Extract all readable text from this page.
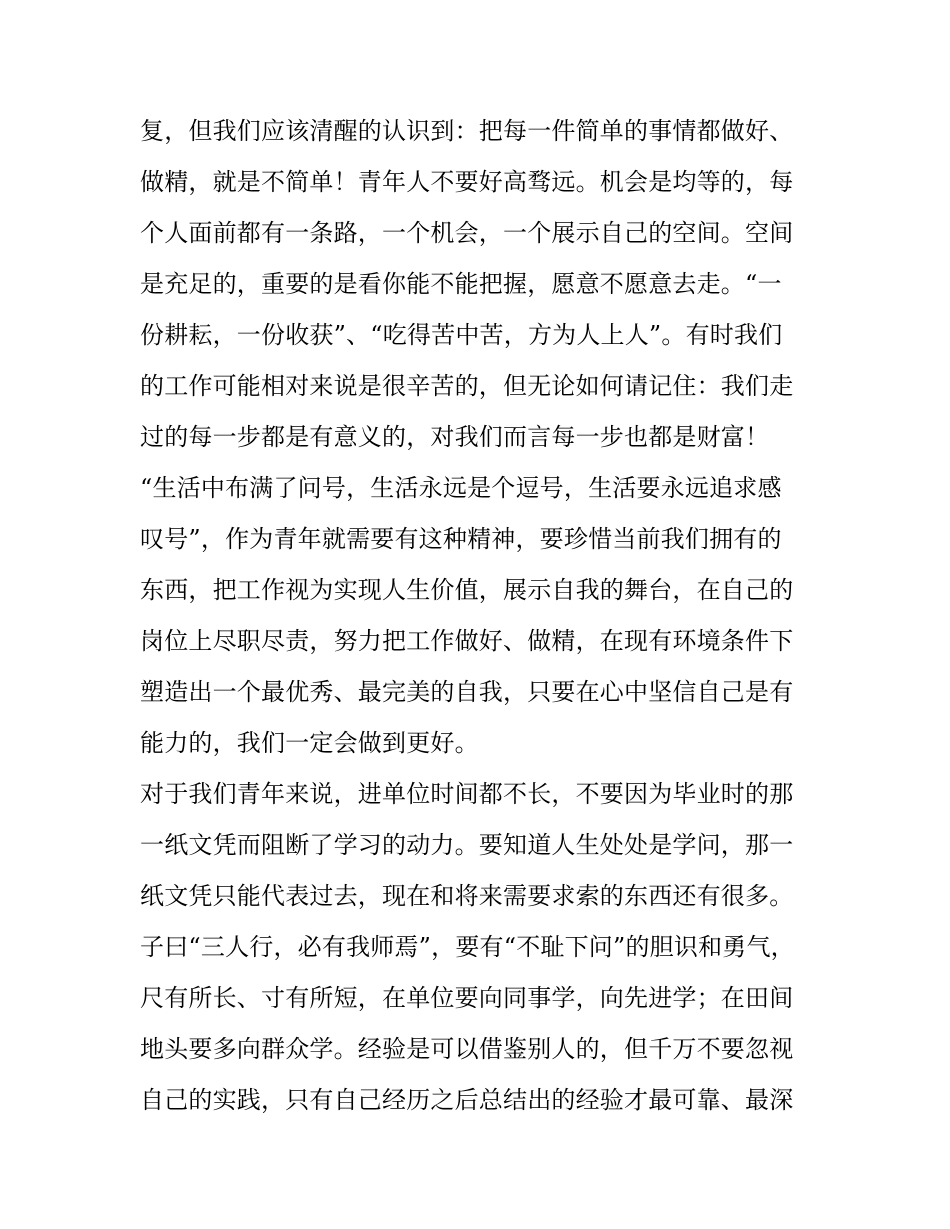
复，但我们应该清醒的认识到：把每一件简单的事情都做好、
做精，就是不简单！青年人不要好高骛远。机会是均等的，每
个人面前都有一条路，一个机会，一个展示自己的空间。空间
是充足的，重要的是看你能不能把握，愿意不愿意去走。“一
份耕耘，一份收获”、“吃得苦中苦，方为人上人”。有时我们
的工作可能相对来说是很辛苦的，但无论如何请记住：我们走
过的每一步都是有意义的，对我们而言每一步也都是财富！
“生活中布满了问号，生活永远是个逗号，生活要永远追求感
叹号”，作为青年就需要有这种精神，要珍惜当前我们拥有的
东西，把工作视为实现人生价值，展示自我的舞台，在自己的
岗位上尽职尽责，努力把工作做好、做精，在现有环境条件下
塑造出一个最优秀、最完美的自我，只要在心中坚信自己是有
能力的，我们一定会做到更好。
对于我们青年来说，进单位时间都不长，不要因为毕业时的那
一纸文凭而阻断了学习的动力。要知道人生处处是学问，那一
纸文凭只能代表过去，现在和将来需要求索的东西还有很多。
子曰“三人行，必有我师焉”，要有“不耻下问”的胆识和勇气，
尺有所长、寸有所短，在单位要向同事学，向先进学；在田间
地头要多向群众学。经验是可以借鉴别人的，但千万不要忽视
自己的实践，只有自己经历之后总结出的经验才最可靠、最深
